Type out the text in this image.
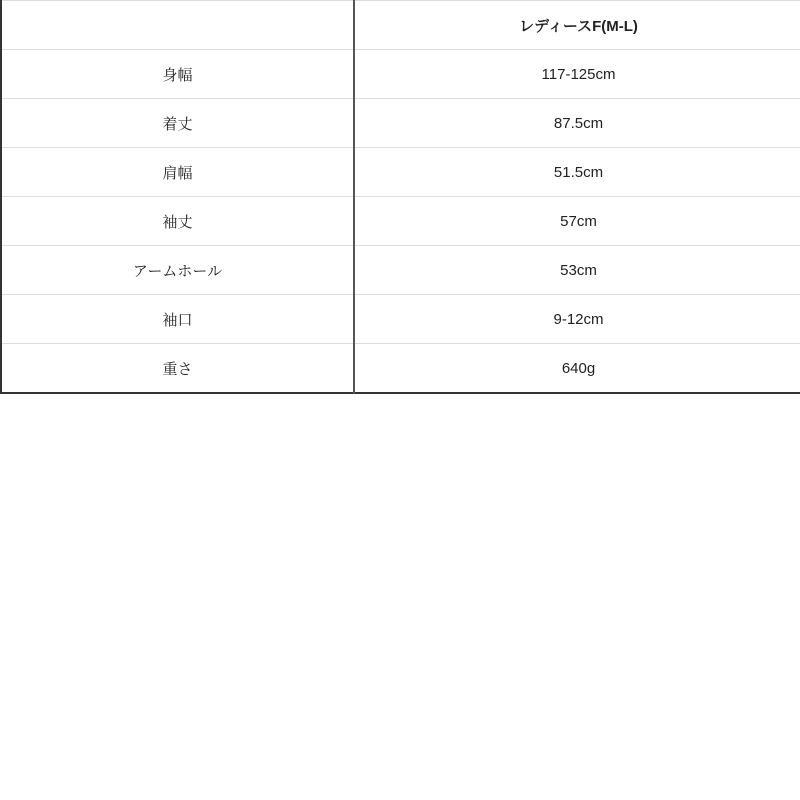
	レディースF(M-L)
身幅	117-125cm
着丈	87.5cm
肩幅	51.5cm
袖丈	57cm
アームホール	53cm
袖口	9-12cm
重さ	640g
